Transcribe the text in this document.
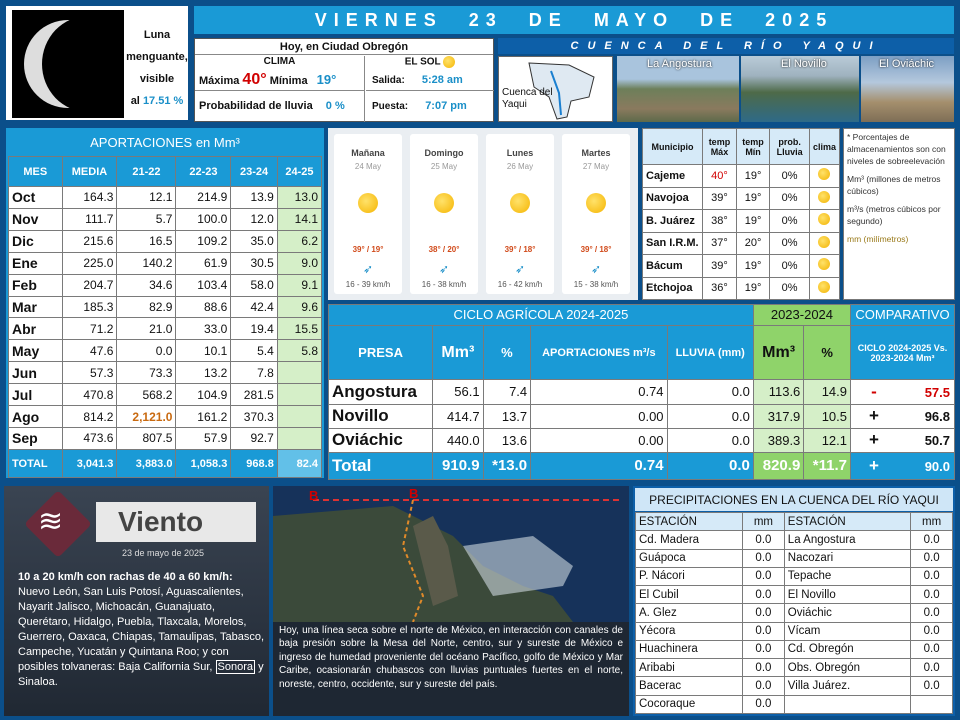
Luna
menguante,
visible
al 17.51 %
VIERNES 23 DE MAYO DE 2025
Hoy, en Ciudad Obregón
CLIMA
Máxima 40° Mínima 19°
Probabilidad de lluvia 0 %
EL SOL
Salida: 5:28 am
Puesta: 7:07 pm
CUENCA DEL RÍO YAQUI
Cuenca del Yaqui
La Angostura	El Novillo	El Oviáchic
APORTACIONES en Mm³
MES	MEDIA	21-22	22-23	23-24	24-25
Oct	164.3	12.1	214.9	13.9	13.0
Nov	111.7	5.7	100.0	12.0	14.1
Dic	215.6	16.5	109.2	35.0	6.2
Ene	225.0	140.2	61.9	30.5	9.0
Feb	204.7	34.6	103.4	58.0	9.1
Mar	185.3	82.9	88.6	42.4	9.6
Abr	71.2	21.0	33.0	19.4	15.5
May	47.6	0.0	10.1	5.4	5.8
Jun	57.3	73.3	13.2	7.8	
Jul	470.8	568.2	104.9	281.5	
Ago	814.2	2,121.0	161.2	370.3	
Sep	473.6	807.5	57.9	92.7	
TOTAL	3,041.3	3,883.0	1,058.3	968.8	82.4
Mañana
24 May
39° / 19°
➶
16 - 39 km/h
Domingo
25 May
38° / 20°
➶
16 - 38 km/h
Lunes
26 May
39° / 18°
➶
16 - 42 km/h
Martes
27 May
39° / 18°
➶
15 - 38 km/h
Municipio	temp Máx	temp Mín	prob. Lluvia	clima
Cajeme	40°	19°	0%	
Navojoa	39°	19°	0%	
B. Juárez	38°	19°	0%	
San I.R.M.	37°	20°	0%	
Bácum	39°	19°	0%	
Etchojoa	36°	19°	0%	
* Porcentajes de almacenamientos son con niveles de sobreelevación
Mm³ (millones de metros cúbicos)
m³/s (metros cúbicos por segundo)
mm (milímetros)
CICLO AGRÍCOLA 2024-2025					2023-2024		COMPARATIVO
PRESA	Mm³	%	APORTACIONES m³/s	LLUVIA (mm)	Mm³	%	CICLO 2024-2025 Vs. 2023-2024 Mm³
Angostura	56.1	7.4	0.74	0.0	113.6	14.9	- 57.5
Novillo	414.7	13.7	0.00	0.0	317.9	10.5	+ 96.8
Oviáchic	440.0	13.6	0.00	0.0	389.3	12.1	+ 50.7
Total	910.9	*13.0	0.74	0.0	820.9	*11.7	+ 90.0
≋	Viento
23 de mayo de 2025
10 a 20 km/h con rachas de 40 a 60 km/h:
Nuevo León, San Luis Potosí, Aguascalientes, Nayarit Jalisco, Michoacán, Guanajuato, Querétaro, Hidalgo, Puebla, Tlaxcala, Morelos, Guerrero, Oaxaca, Chiapas, Tamaulipas, Tabasco, Campeche, Yucatán y Quintana Roo; y con posibles tolvaneras: Baja California Sur, Sonora y Sinaloa.
B	B
Hoy, una línea seca sobre el norte de México, en interacción con canales de baja presión sobre la Mesa del Norte, centro, sur y sureste de México e ingreso de humedad proveniente del océano Pacífico, golfo de México y Mar Caribe, ocasionarán chubascos con lluvias puntuales fuertes en el norte, noreste, centro, occidente, sur y sureste del país.
PRECIPITACIONES EN LA CUENCA DEL RÍO YAQUI
ESTACIÓN	mm	ESTACIÓN	mm
Cd. Madera	0.0	La Angostura	0.0
Guápoca	0.0	Nacozari	0.0
P. Nácori	0.0	Tepache	0.0
El Cubil	0.0	El Novillo	0.0
A. Glez	0.0	Oviáchic	0.0
Yécora	0.0	Vícam	0.0
Huachinera	0.0	Cd. Obregón	0.0
Aribabi	0.0	Obs. Obregón	0.0
Bacerac	0.0	Villa Juárez.	0.0
Cocoraque	0.0		
